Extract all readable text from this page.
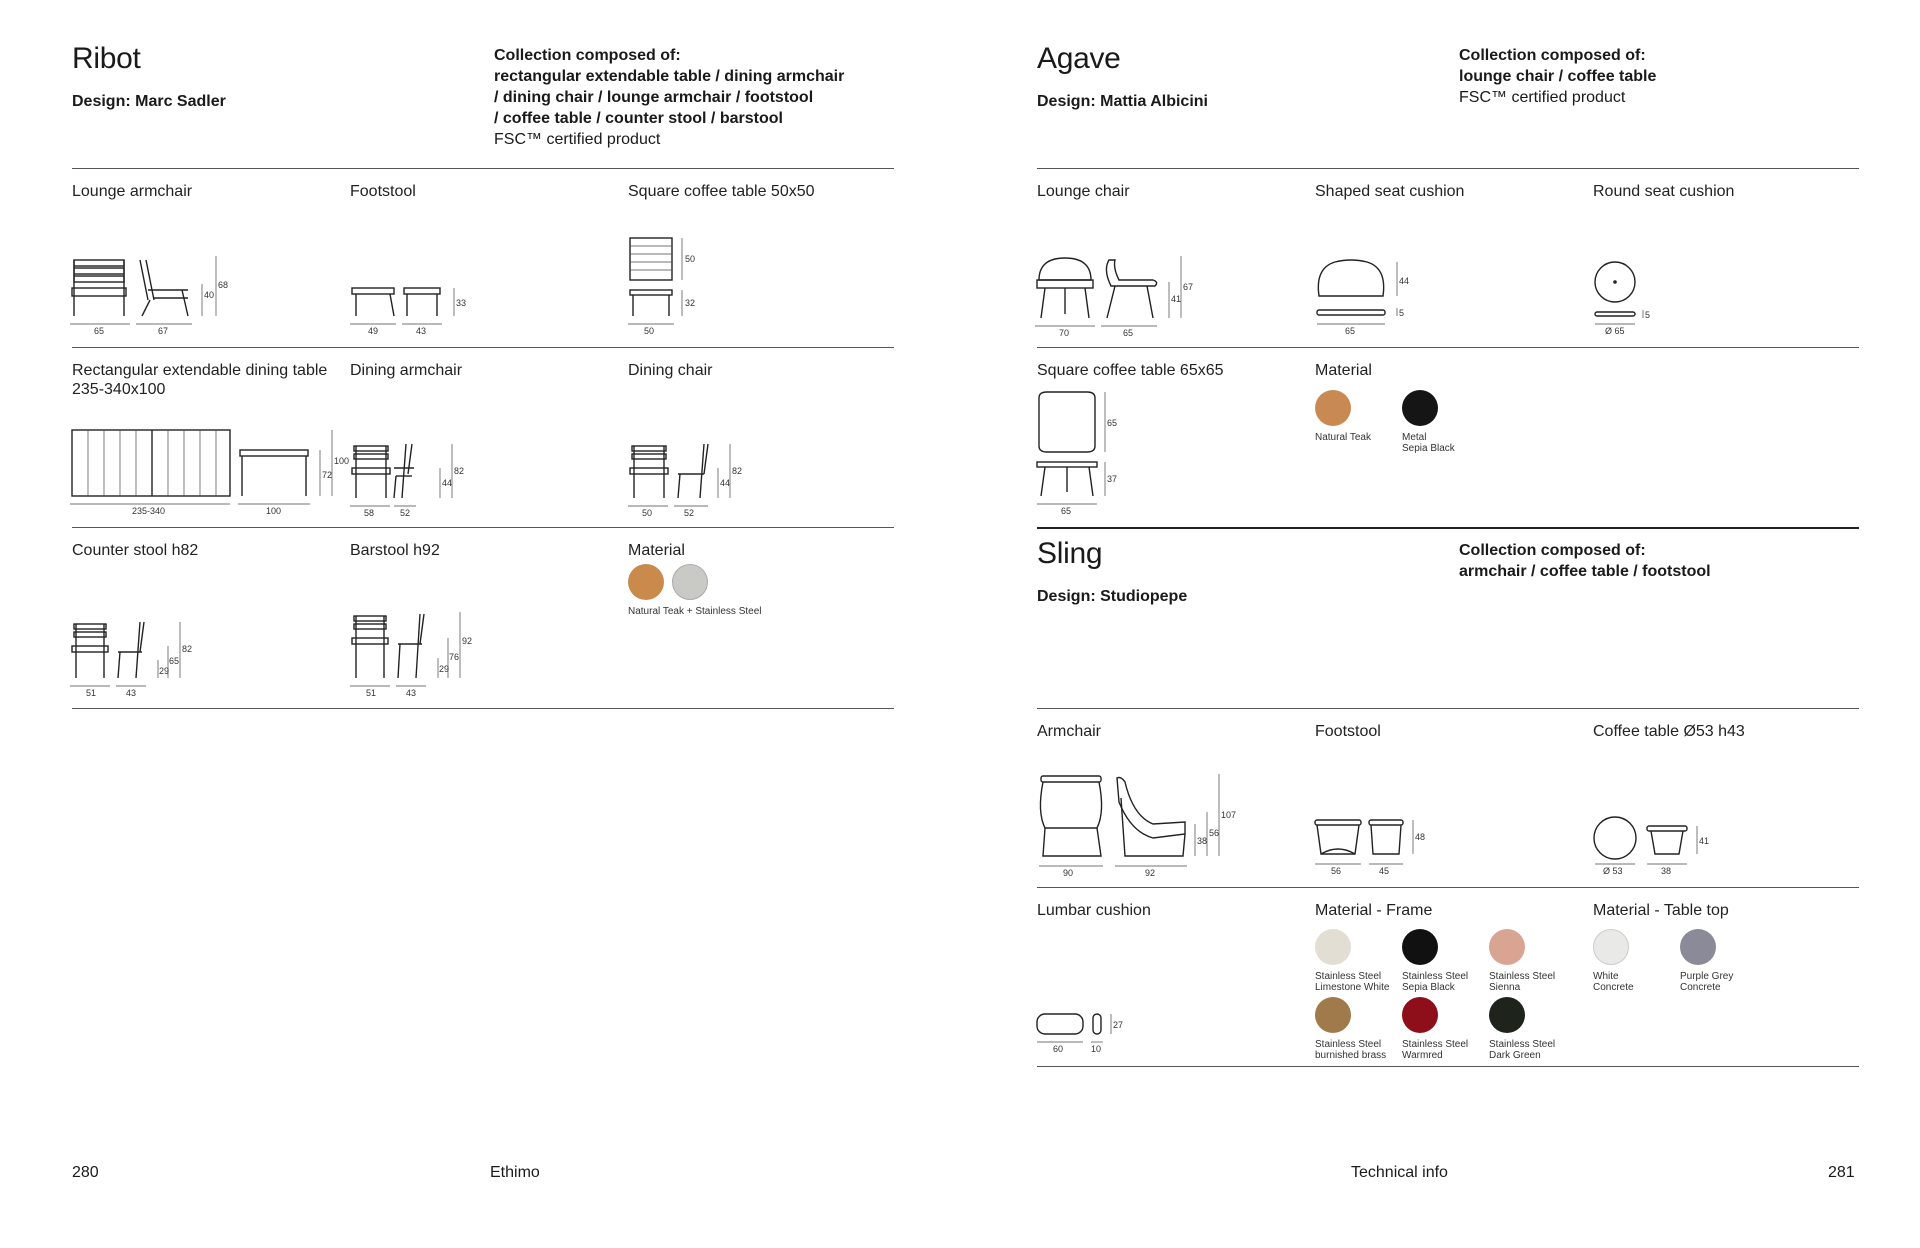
Ribot
Design: Marc Sadler
Collection composed of:
rectangular extendable table / dining armchair
/ dining chair / lounge armchair / footstool
/ coffee table / counter stool / barstool
FSC™ certified product
Lounge armchair	Footstool	Square coffee table 50x50
65	67
40
68
49	43
33
50
50
32
Rectangular extendable dining table 235-340x100
Dining armchair	Dining chair
235-340	100
72
100
58	52
44
82
50	52
44
82
Counter stool h82	Barstool h92	Material
51	43
29
65
82
51	43
29
76
92
Natural Teak + Stainless Steel
Agave
Design: Mattia Albicini
Collection composed of:
lounge chair / coffee table
FSC™ certified product
Lounge chair	Shaped seat cushion	Round seat cushion
70	65
41
67
65
44
5
Ø 65
5
Square coffee table 65x65	Material
65
65
37
Natural Teak	Metal
Sepia Black
Sling
Design: Studiopepe
Collection composed of:
armchair / coffee table / footstool
Armchair	Footstool	Coffee table Ø53 h43
90	92
38
56
107
56	45
48
Ø 53	38
41
Lumbar cushion	Material - Frame	Material - Table top
60	10
27
Stainless Steel
Limestone White
Stainless Steel
Sepia Black
Stainless Steel
Sienna
Stainless Steel
burnished brass
Stainless Steel
Warmred
Stainless Steel
Dark Green
White
Concrete
Purple Grey
Concrete
280	Ethimo	Technical info	281
